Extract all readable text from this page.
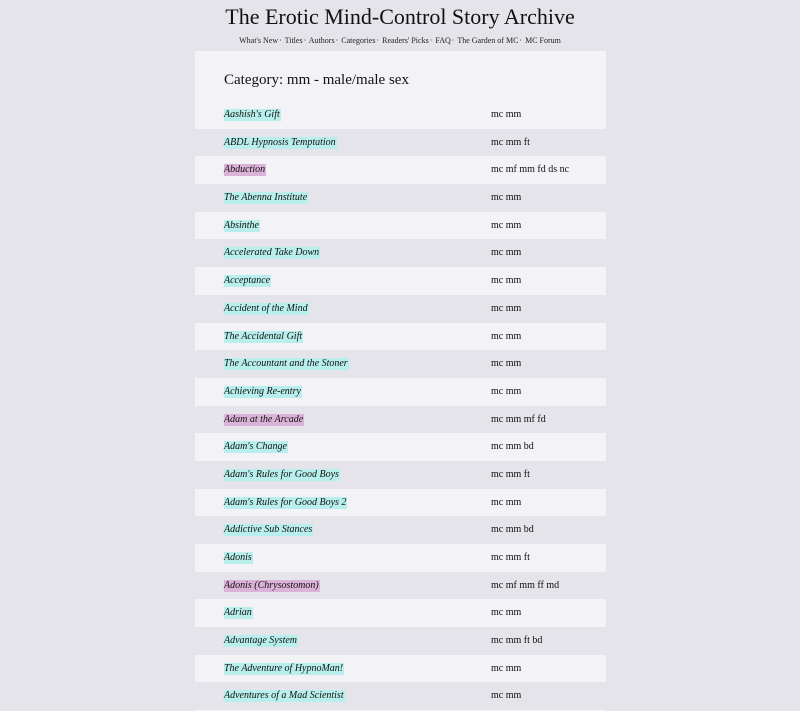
The Erotic Mind-Control Story Archive
What's New· Titles· Authors· Categories· Readers' Picks· FAQ· The Garden of MC· MC Forum
Category: mm - male/male sex
Aashish's Gift	mc mm
ABDL Hypnosis Temptation	mc mm ft
Abduction	mc mf mm fd ds nc
The Abenna Institute	mc mm
Absinthe	mc mm
Accelerated Take Down	mc mm
Acceptance	mc mm
Accident of the Mind	mc mm
The Accidental Gift	mc mm
The Accountant and the Stoner	mc mm
Achieving Re-entry	mc mm
Adam at the Arcade	mc mm mf fd
Adam's Change	mc mm bd
Adam's Rules for Good Boys	mc mm ft
Adam's Rules for Good Boys 2	mc mm
Addictive Sub Stances	mc mm bd
Adonis	mc mm ft
Adonis (Chrysostomon)	mc mf mm ff md
Adrian	mc mm
Advantage System	mc mm ft bd
The Adventure of HypnoMan!	mc mm
Adventures of a Mad Scientist	mc mm
